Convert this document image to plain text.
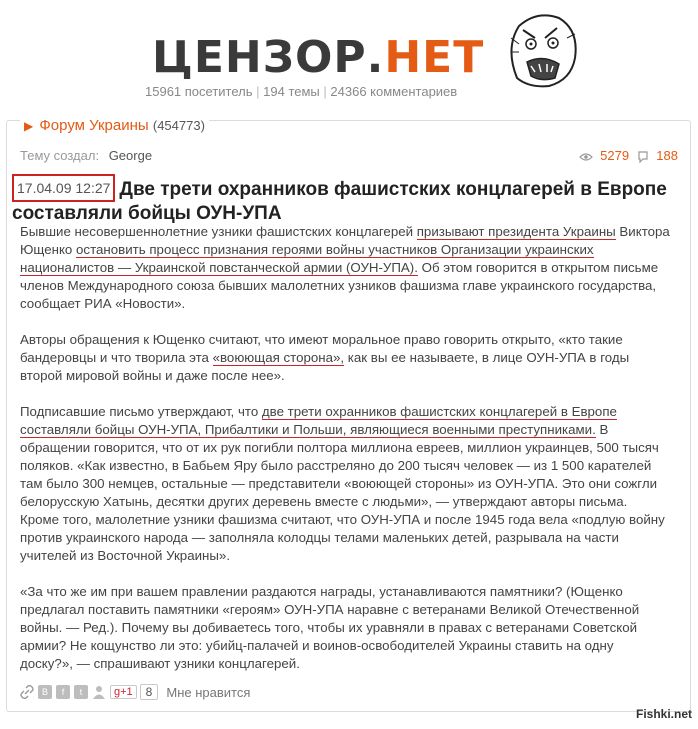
ЦЕНЗОР.НЕТ
15961 посетитель | 194 темы | 24366 комментариев
▶ Форум Украины (454773)
Тему создал: George	5279 188
17.04.09 12:27 Две трети охранников фашистских концлагерей в Европе составляли бойцы ОУН-УПА

Бывшие несовершеннолетние узники фашистских концлагерей призывают президента Украины Виктора Ющенко остановить процесс признания героями войны участников Организации украинских националистов — Украинской повстанческой армии (ОУН-УПА). Об этом говорится в открытом письме членов Международного союза бывших малолетних узников фашизма главе украинского государства, сообщает РИА «Новости».

Авторы обращения к Ющенко считают, что имеют моральное право говорить открыто, «кто такие бандеровцы и что творила эта «воюющая сторона», как вы ее называете, в лице ОУН-УПА в годы второй мировой войны и даже после нее».

Подписавшие письмо утверждают, что две трети охранников фашистских концлагерей в Европе составляли бойцы ОУН-УПА, Прибалтики и Польши, являющиеся военными преступниками. В обращении говорится, что от их рук погибли полтора миллиона евреев, миллион украинцев, 500 тысяч поляков. «Как известно, в Бабьем Яру было расстреляно до 200 тысяч человек — из 1 500 карателей там было 300 немцев, остальные — представители «воюющей стороны» из ОУН-УПА. Это они сожгли белорусскую Хатынь, десятки других деревень вместе с людьми», — утверждают авторы письма. Кроме того, малолетние узники фашизма считают, что ОУН-УПА и после 1945 года вела «подлую войну против украинского народа — заполняла колодцы телами маленьких детей, разрывала на части учителей из Восточной Украины».

«За что же им при вашем правлении раздаются награды, устанавливаются памятники? (Ющенко предлагал поставить памятники «героям» ОУН-УПА наравне с ветеранами Великой Отечественной войны. — Ред.). Почему вы добиваетесь того, чтобы их уравняли в правах с ветеранами Советской армии? Не кощунство ли это: убийц-палачей и воинов-освободителей Украины ставить на одну доску?», — спрашивают узники концлагерей.

B	f	t	g+1	8	Мне нравится
Fishki.net
